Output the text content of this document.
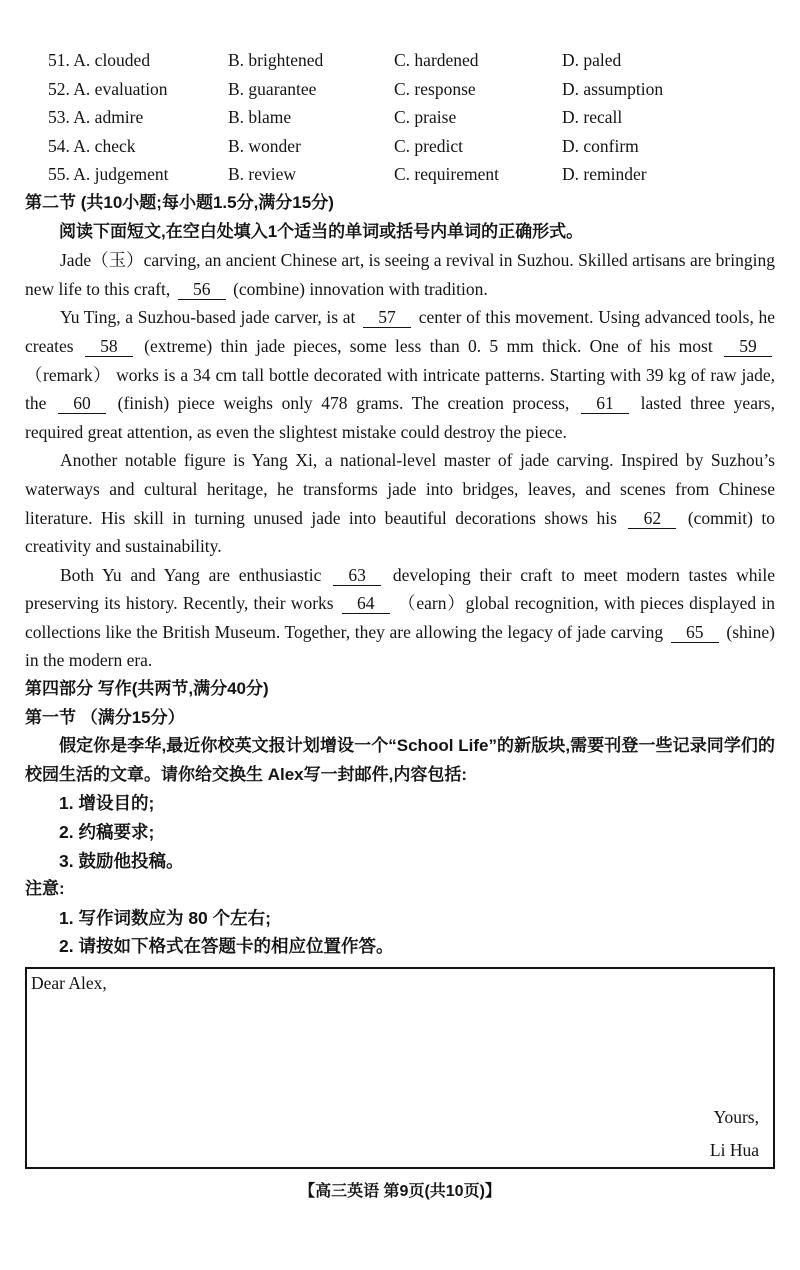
51. A. clouded	B. brightened	C. hardened	D. paled
52. A. evaluation	B. guarantee	C. response	D. assumption
53. A. admire	B. blame	C. praise	D. recall
54. A. check	B. wonder	C. predict	D. confirm
55. A. judgement	B. review	C. requirement	D. reminder
第二节 (共10小题;每小题1.5分,满分15分)
阅读下面短文,在空白处填入1个适当的单词或括号内单词的正确形式。

Jade（玉）carving, an ancient Chinese art, is seeing a revival in Suzhou. Skilled artisans are bringing new life to this craft, 56 (combine) innovation with tradition.

Yu Ting, a Suzhou-based jade carver, is at 57 center of this movement. Using advanced tools, he creates 58 (extreme) thin jade pieces, some less than 0. 5 mm thick. One of his most 59 （remark） works is a 34 cm tall bottle decorated with intricate patterns. Starting with 39 kg of raw jade, the 60 (finish) piece weighs only 478 grams. The creation process, 61 lasted three years, required great attention, as even the slightest mistake could destroy the piece.

Another notable figure is Yang Xi, a national-level master of jade carving. Inspired by Suzhou’s waterways and cultural heritage, he transforms jade into bridges, leaves, and scenes from Chinese literature. His skill in turning unused jade into beautiful decorations shows his 62 (commit) to creativity and sustainability.

Both Yu and Yang are enthusiastic 63 developing their craft to meet modern tastes while preserving its history. Recently, their works 64 （earn）global recognition, with pieces displayed in collections like the British Museum. Together, they are allowing the legacy of jade carving 65 (shine) in the modern era.

第四部分 写作(共两节,满分40分)
第一节 （满分15分）
假定你是李华,最近你校英文报计划增设一个“School Life”的新版块,需要刊登一些记录同学们的校园生活的文章。请你给交换生 Alex写一封邮件,内容包括:
1. 增设目的;
2. 约稿要求;
3. 鼓励他投稿。
注意:
1. 写作词数应为 80 个左右;
2. 请按如下格式在答题卡的相应位置作答。
Dear Alex,
Yours,
Li Hua
【高三英语 第9页(共10页)】
